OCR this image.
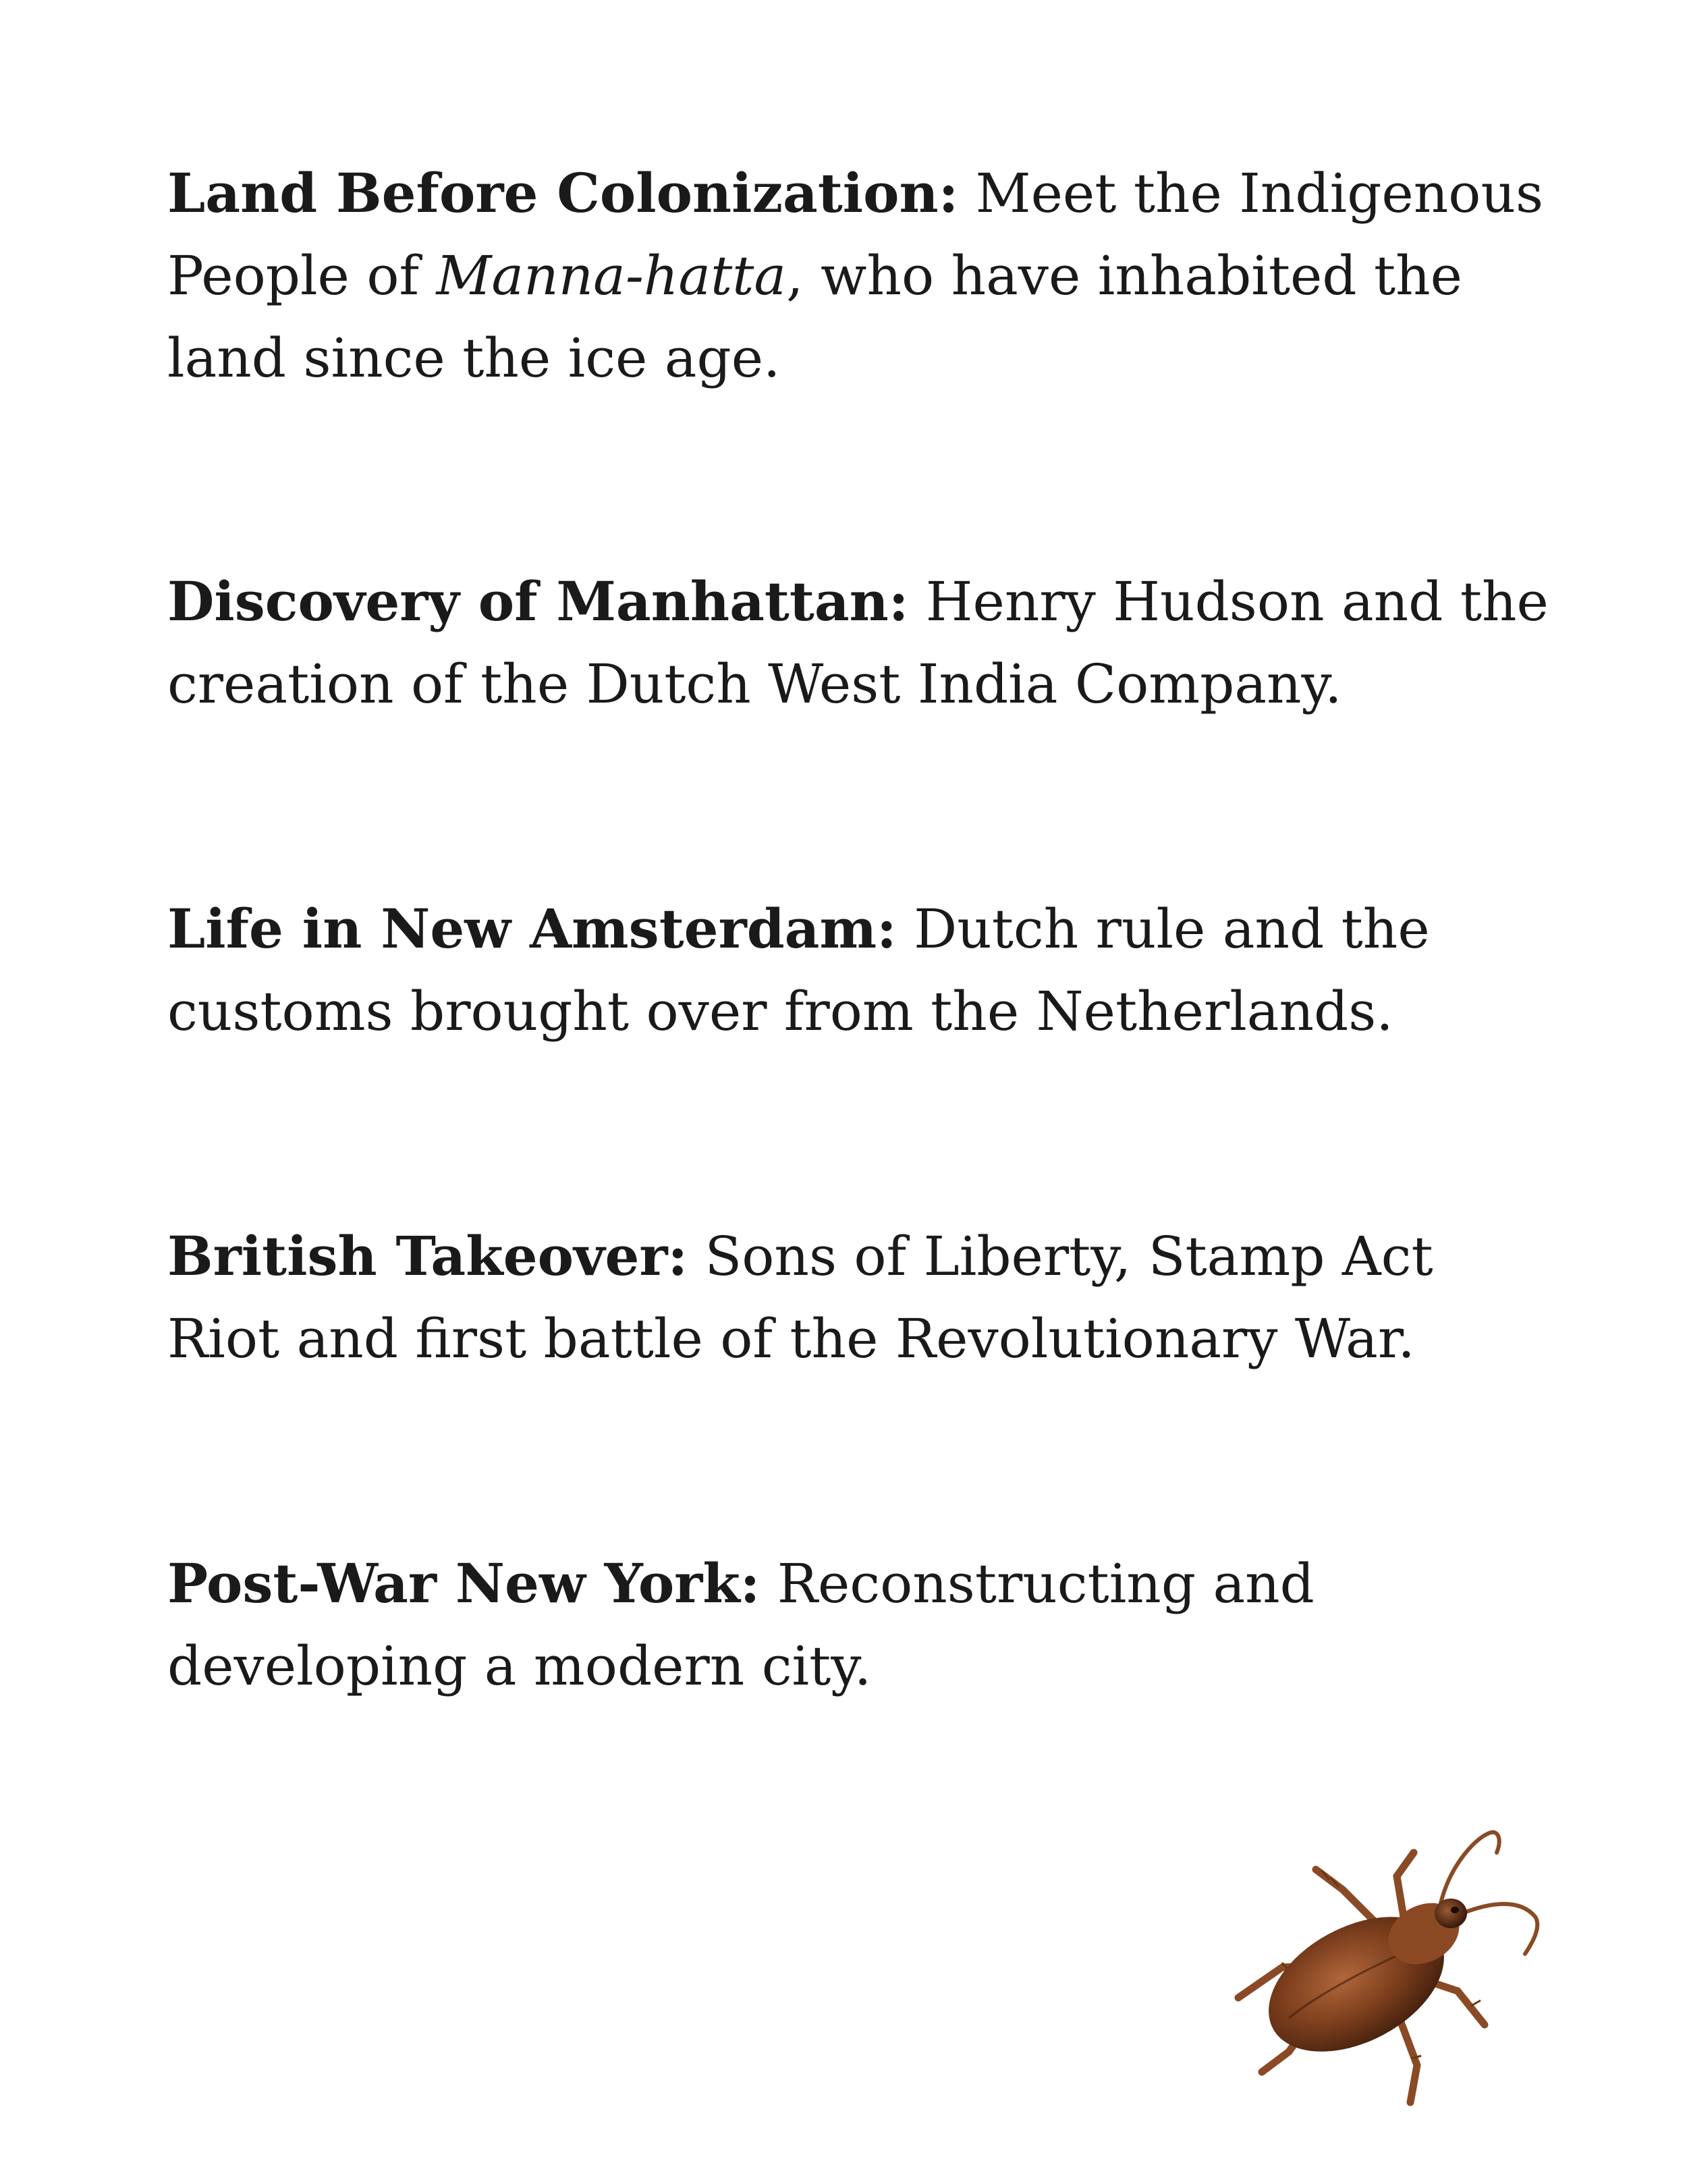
Land Before Colonization: Meet the Indigenous People of Manna-hatta, who have inhabited the land since the ice age.

Discovery of Manhattan: Henry Hudson and the creation of the Dutch West India Company.

Life in New Amsterdam: Dutch rule and the customs brought over from the Netherlands.

British Takeover: Sons of Liberty, Stamp Act Riot and first battle of the Revolutionary War.

Post-War New York: Reconstructing and developing a modern city.
